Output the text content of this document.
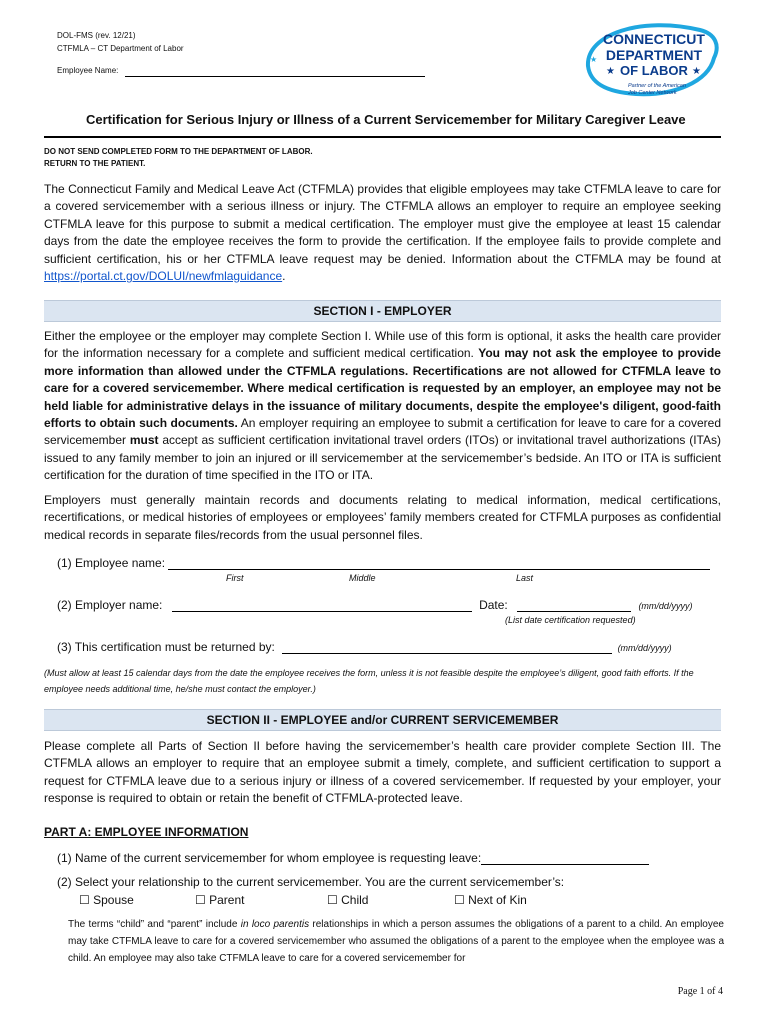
DOL-FMS (rev. 12/21)
CTFMLA – CT Department of Labor
Employee Name:
CONNECTICUT
DEPARTMENT
OF LABOR
★	★
★
Partner of the American
Job Center Network
Certification for Serious Injury or Illness of a Current Servicemember for Military Caregiver Leave
DO NOT SEND COMPLETED FORM TO THE DEPARTMENT OF LABOR.
RETURN TO THE PATIENT.
The Connecticut Family and Medical Leave Act (CTFMLA) provides that eligible employees may take CTFMLA leave to care for a covered servicemember with a serious illness or injury. The CTFMLA allows an employer to require an employee seeking CTFMLA leave for this purpose to submit a medical certification. The employer must give the employee at least 15 calendar days from the date the employee receives the form to provide the certification. If the employee fails to provide complete and sufficient certification, his or her CTFMLA leave request may be denied. Information about the CTFMLA may be found at https://portal.ct.gov/DOLUI/newfmlaguidance.
SECTION I - EMPLOYER
Either the employee or the employer may complete Section I. While use of this form is optional, it asks the health care provider for the information necessary for a complete and sufficient medical certification. You may not ask the employee to provide more information than allowed under the CTFMLA regulations. Recertifications are not allowed for CTFMLA leave to care for a covered servicemember. Where medical certification is requested by an employer, an employee may not be held liable for administrative delays in the issuance of military documents, despite the employee's diligent, good-faith efforts to obtain such documents. An employer requiring an employee to submit a certification for leave to care for a covered servicemember must accept as sufficient certification invitational travel orders (ITOs) or invitational travel authorizations (ITAs) issued to any family member to join an injured or ill servicemember at the servicemember’s bedside. An ITO or ITA is sufficient certification for the duration of time specified in the ITO or ITA.
Employers must generally maintain records and documents relating to medical information, medical certifications, recertifications, or medical histories of employees or employees’ family members created for CTFMLA purposes as confidential medical records in separate files/records from the usual personnel files.
(1) Employee name:
First	Middle	Last
(2) Employer name:	Date:	(mm/dd/yyyy)
(List date certification requested)
(3) This certification must be returned by:	(mm/dd/yyyy)
(Must allow at least 15 calendar days from the date the employee receives the form, unless it is not feasible despite the employee’s diligent, good faith efforts. If the employee needs additional time, he/she must contact the employer.)
SECTION II - EMPLOYEE and/or CURRENT SERVICEMEMBER
Please complete all Parts of Section II before having the servicemember’s health care provider complete Section III. The CTFMLA allows an employer to require that an employee submit a timely, complete, and sufficient certification to support a request for CTFMLA leave due to a serious injury or illness of a covered servicemember. If requested by your employer, your response is required to obtain or retain the benefit of CTFMLA-protected leave.
PART A: EMPLOYEE INFORMATION
(1) Name of the current servicemember for whom employee is requesting leave:
(2) Select your relationship to the current servicemember. You are the current servicemember’s:
☐ Spouse	☐ Parent	☐ Child	☐ Next of Kin
The terms “child” and “parent” include in loco parentis relationships in which a person assumes the obligations of a parent to a child. An employee may take CTFMLA leave to care for a covered servicemember who assumed the obligations of a parent to the employee when the employee was a child. An employee may also take CTFMLA leave to care for a covered servicemember for
Page 1 of 4
